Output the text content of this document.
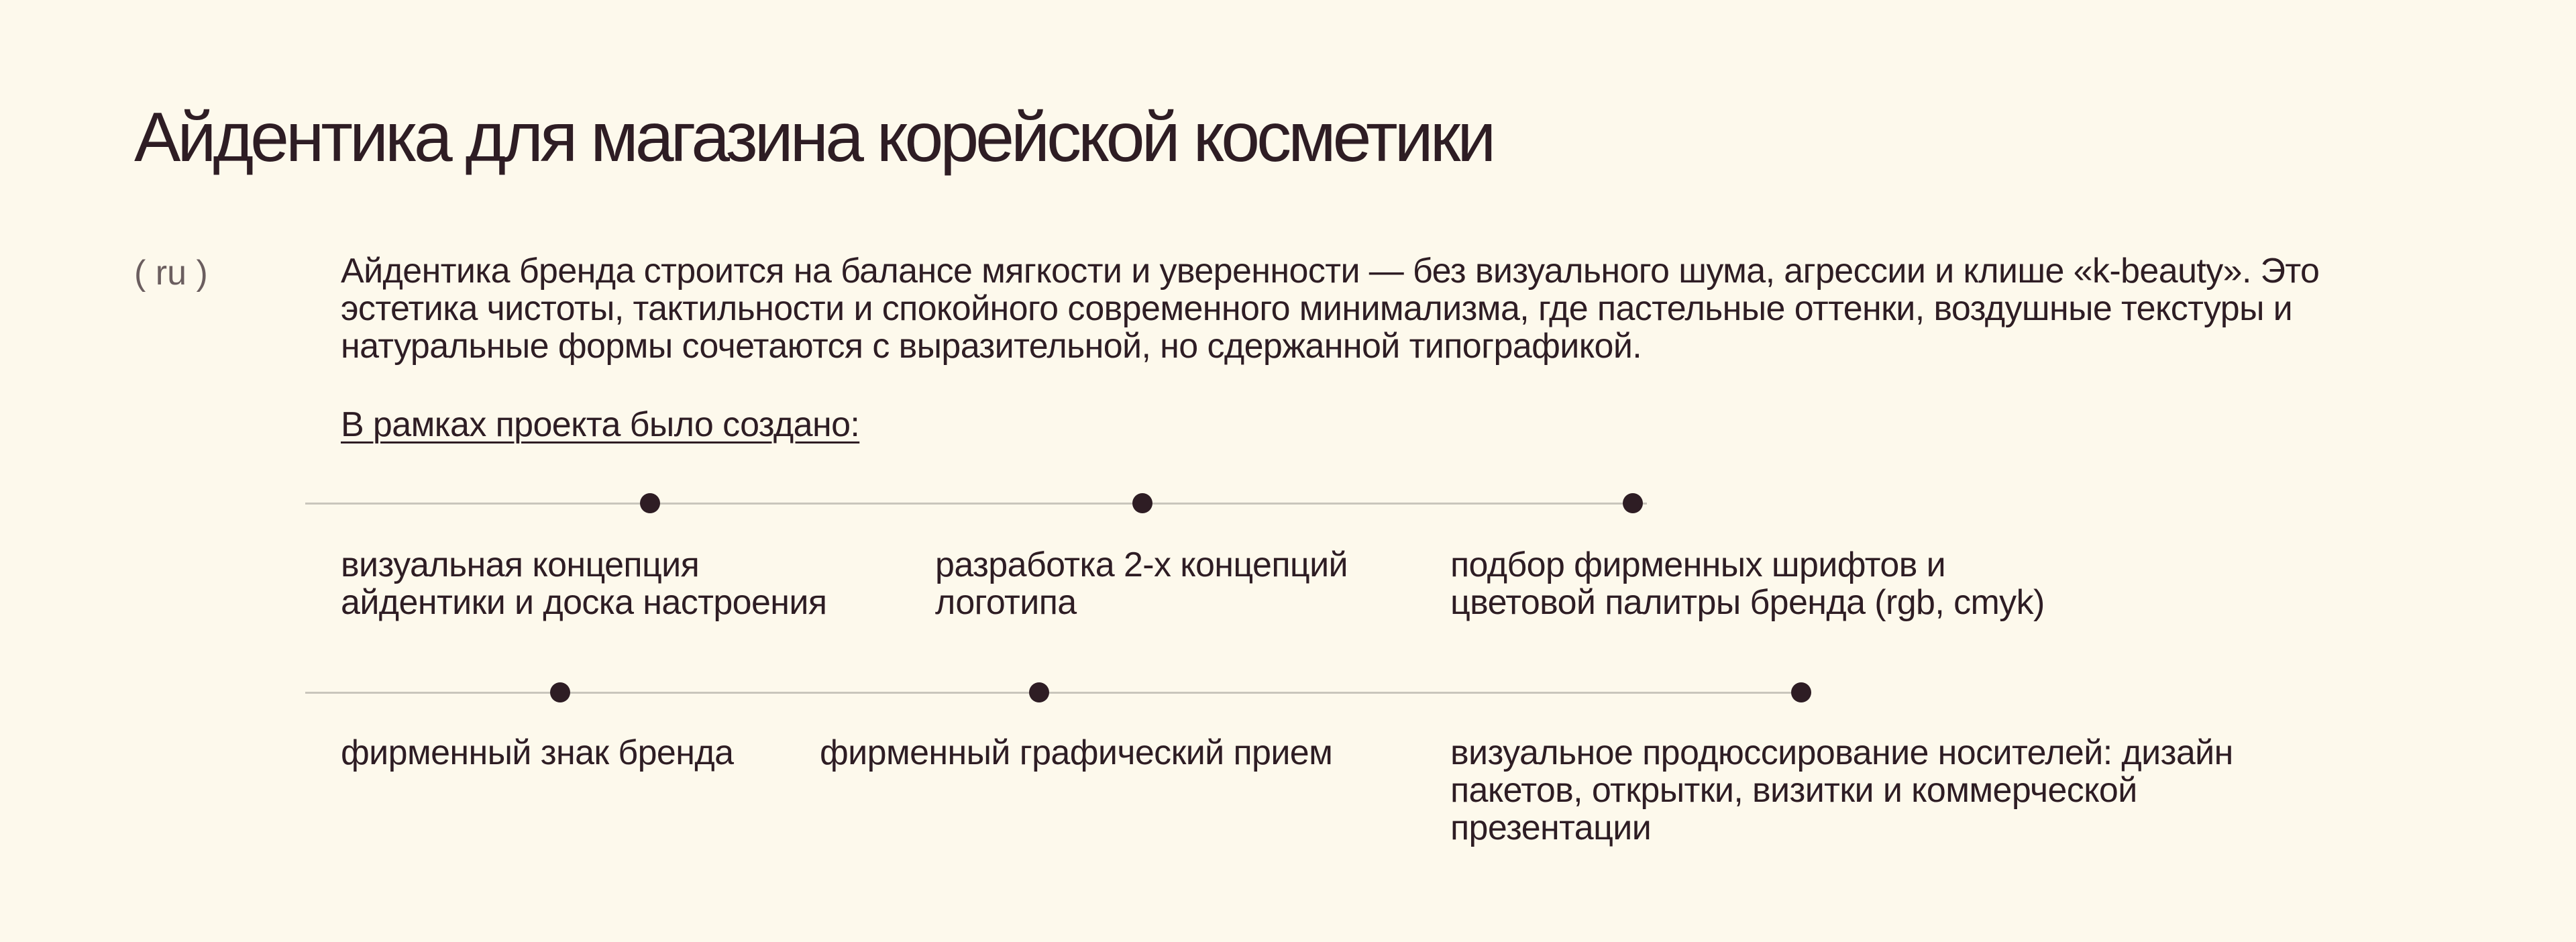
Айдентика для магазина корейской косметики
( ru )	Айдентика бренда строится на балансе мягкости и уверенности — без визуального шума, агрессии и клише «k-beauty». Это эстетика чистоты, тактильности и спокойного современного минимализма, где пастельные оттенки, воздушные текстуры и натуральные формы сочетаются с выразительной, но сдержанной типографикой.

В рамках проекта было создано:

визуальная концепция
айдентики и доска настроения

разработка 2-х концепций
логотипа

подбор фирменных шрифтов и
цветовой палитры бренда (rgb, cmyk)

фирменный знак бренда фирменный графический прием	визуальное продюссирование носителей: дизайн
пакетов, открытки, визитки и коммерческой
презентации
